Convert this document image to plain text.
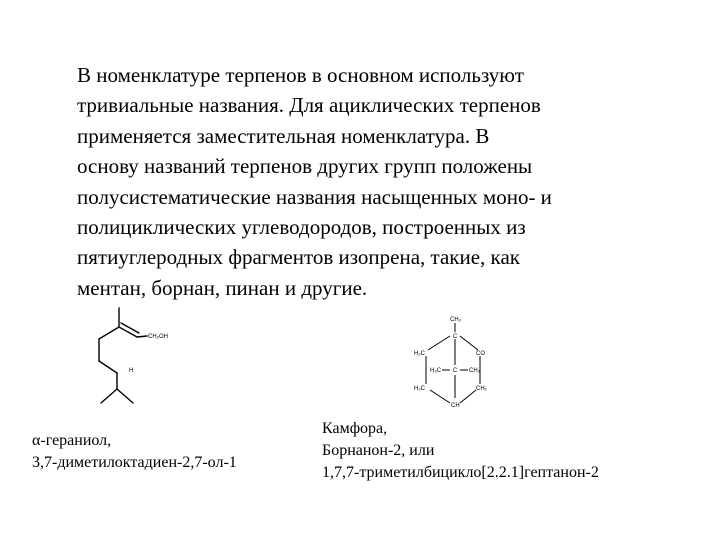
В номенклатуре терпенов в основном используют
тривиальные названия. Для ациклических терпенов
применяется заместительная номенклатура. В
основу названий терпенов других групп положены
полусистематические названия насыщенных моно- и
полициклических углеводородов, построенных из
пятиуглеродных фрагментов изопрена, такие, как
ментан, борнан, пинан и другие.
CH₂OH
H
CH₃
C
H₂C	CO
H₃C C CH₃
H₂C	CH₂
CH
α-гераниол,
3,7-диметилоктадиен-2,7-ол-1
Камфора,
Борнанон-2, или
1,7,7-триметилбицикло[2.2.1]гептанон-2
